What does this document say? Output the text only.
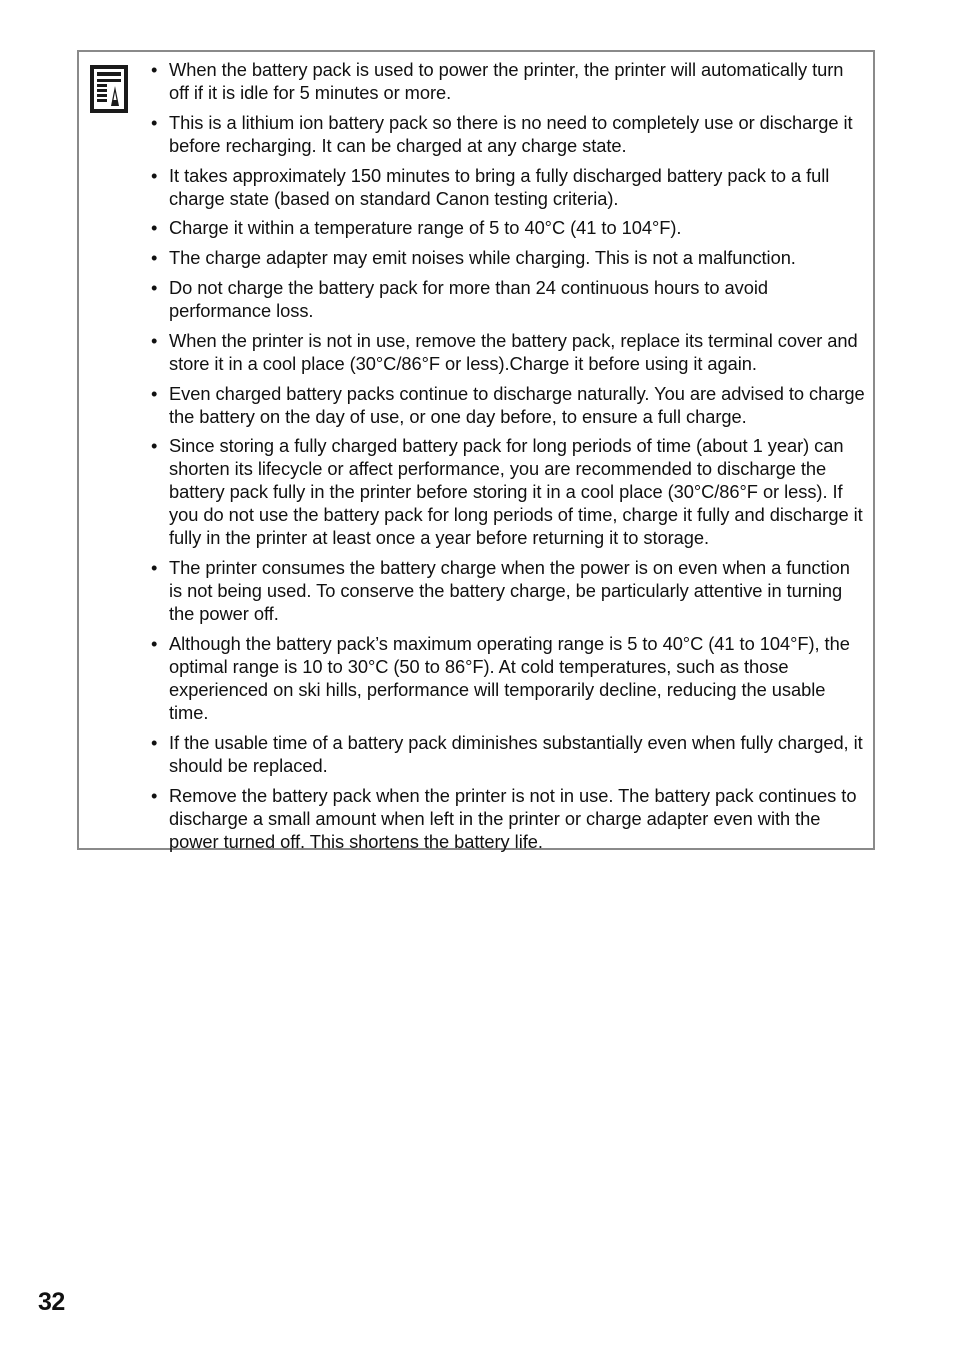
• When the battery pack is used to power the printer, the printer will automatically turn off if it is idle for 5 minutes or more.
• This is a lithium ion battery pack so there is no need to completely use or discharge it before recharging. It can be charged at any charge state.
• It takes approximately 150 minutes to bring a fully discharged battery pack to a full charge state (based on standard Canon testing criteria).
• Charge it within a temperature range of 5 to 40°C (41 to 104°F).
• The charge adapter may emit noises while charging. This is not a malfunction.
• Do not charge the battery pack for more than 24 continuous hours to avoid performance loss.
• When the printer is not in use, remove the battery pack, replace its terminal cover and store it in a cool place (30°C/86°F or less).Charge it before using it again.
• Even charged battery packs continue to discharge naturally. You are advised to charge the battery on the day of use, or one day before, to ensure a full charge.
• Since storing a fully charged battery pack for long periods of time (about 1 year) can shorten its lifecycle or affect performance, you are recommended to discharge the battery pack fully in the printer before storing it in a cool place (30°C/86°F or less). If you do not use the battery pack for long periods of time, charge it fully and discharge it fully in the printer at least once a year before returning it to storage.
• The printer consumes the battery charge when the power is on even when a function is not being used. To conserve the battery charge, be particularly attentive in turning the power off.
• Although the battery pack’s maximum operating range is 5 to 40°C (41 to 104°F), the optimal range is 10 to 30°C (50 to 86°F). At cold temperatures, such as those experienced on ski hills, performance will temporarily decline, reducing the usable time.
• If the usable time of a battery pack diminishes substantially even when fully charged, it should be replaced.
• Remove the battery pack when the printer is not in use. The battery pack continues to discharge a small amount when left in the printer or charge adapter even with the power turned off. This shortens the battery life.
32
